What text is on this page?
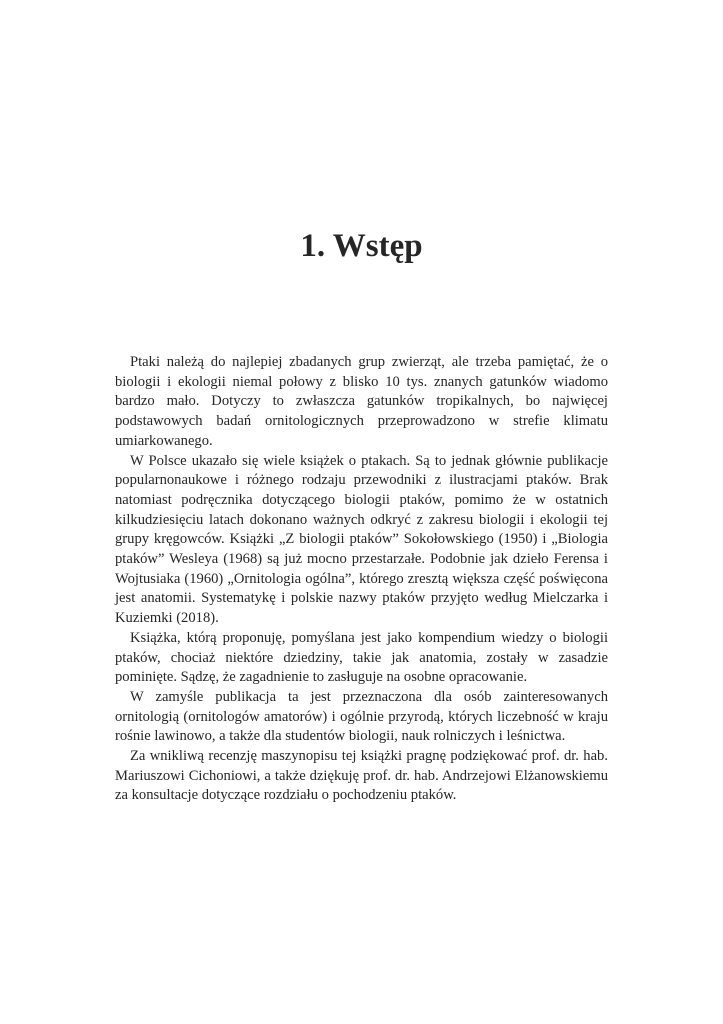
1. Wstęp

Ptaki należą do najlepiej zbadanych grup zwierząt, ale trzeba pamiętać, że o biologii i ekologii niemal połowy z blisko 10 tys. znanych gatunków wiadomo bardzo mało. Dotyczy to zwłaszcza gatunków tropikalnych, bo najwięcej podstawowych badań ornitologicznych przeprowadzono w strefie klimatu umiarkowanego.

W Polsce ukazało się wiele książek o ptakach. Są to jednak głównie publikacje popularnonaukowe i różnego rodzaju przewodniki z ilustracjami ptaków. Brak natomiast podręcznika dotyczącego biologii ptaków, pomimo że w ostatnich kilkudziesięciu latach dokonano ważnych odkryć z zakresu biologii i ekologii tej grupy kręgowców. Książki „Z biologii ptaków” Sokołowskiego (1950) i „Biologia ptaków” Wesleya (1968) są już mocno przestarzałe. Podobnie jak dzieło Ferensa i Wojtusiaka (1960) „Ornitologia ogólna”, którego zresztą większa część poświęcona jest anatomii. Systematykę i polskie nazwy ptaków przyjęto według Mielczarka i Kuziemki (2018).

Książka, którą proponuję, pomyślana jest jako kompendium wiedzy o biologii ptaków, chociaż niektóre dziedziny, takie jak anatomia, zostały w zasadzie pominięte. Sądzę, że zagadnienie to zasługuje na osobne opracowanie.

W zamyśle publikacja ta jest przeznaczona dla osób zainteresowanych ornitologią (ornitologów amatorów) i ogólnie przyrodą, których liczebność w kraju rośnie lawinowo, a także dla studentów biologii, nauk rolniczych i leśnictwa.

Za wnikliwą recenzję maszynopisu tej książki pragnę podziękować prof. dr. hab. Mariuszowi Cichoniowi, a także dziękuję prof. dr. hab. Andrzejowi Elżanowskiemu za konsultacje dotyczące rozdziału o pochodzeniu ptaków.
